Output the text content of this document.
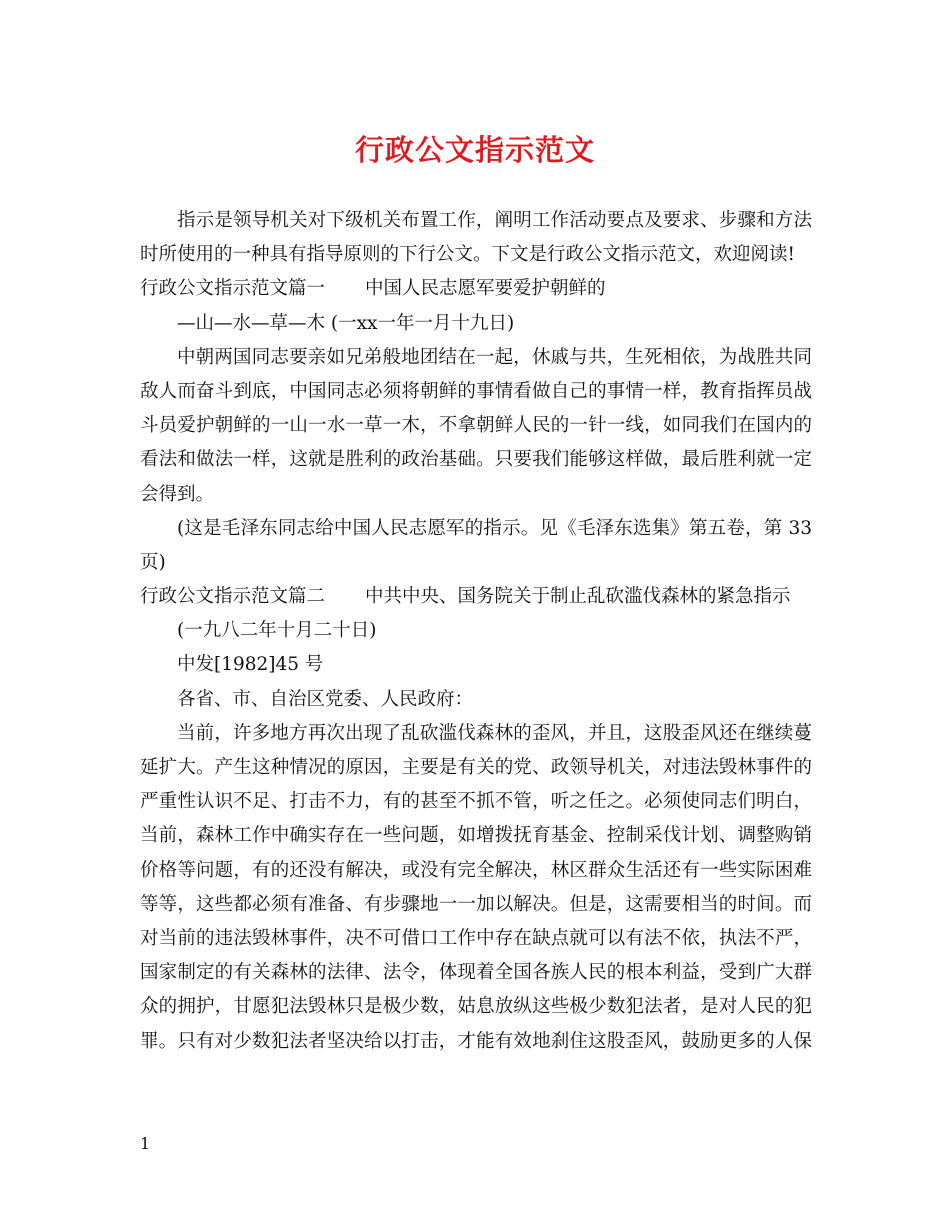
行政公文指示范文
指示是领导机关对下级机关布置工作，阐明工作活动要点及要求、步骤和方法
时所使用的一种具有指导原则的下行公文。下文是行政公文指示范文，欢迎阅读!
行政公文指示范文篇一 中国人民志愿军要爱护朝鲜的
—山—水—草—木 (一xx一年一月十九日)
中朝两国同志要亲如兄弟般地团结在一起，休戚与共，生死相依，为战胜共同
敌人而奋斗到底，中国同志必须将朝鲜的事情看做自己的事情一样，教育指挥员战
斗员爱护朝鲜的一山一水一草一木，不拿朝鲜人民的一针一线，如同我们在国内的
看法和做法一样，这就是胜利的政治基础。只要我们能够这样做，最后胜利就一定
会得到。
(这是毛泽东同志给中国人民志愿军的指示。见《毛泽东选集》第五卷，第 33
页)
行政公文指示范文篇二 中共中央、国务院关于制止乱砍滥伐森林的紧急指示
(一九八二年十月二十日)
中发[1982]45 号
各省、市、自治区党委、人民政府：
当前，许多地方再次出现了乱砍滥伐森林的歪风，并且，这股歪风还在继续蔓
延扩大。产生这种情况的原因，主要是有关的党、政领导机关，对违法毁林事件的
严重性认识不足、打击不力，有的甚至不抓不管，听之任之。必须使同志们明白，
当前，森林工作中确实存在一些问题，如增拨抚育基金、控制采伐计划、调整购销
价格等问题，有的还没有解决，或没有完全解决，林区群众生活还有一些实际困难
等等，这些都必须有准备、有步骤地一一加以解决。但是，这需要相当的时间。而
对当前的违法毁林事件，决不可借口工作中存在缺点就可以有法不依，执法不严，
国家制定的有关森林的法律、法令，体现着全国各族人民的根本利益，受到广大群
众的拥护，甘愿犯法毁林只是极少数，姑息放纵这些极少数犯法者，是对人民的犯
罪。只有对少数犯法者坚决给以打击，才能有效地刹住这股歪风，鼓励更多的人保
1
